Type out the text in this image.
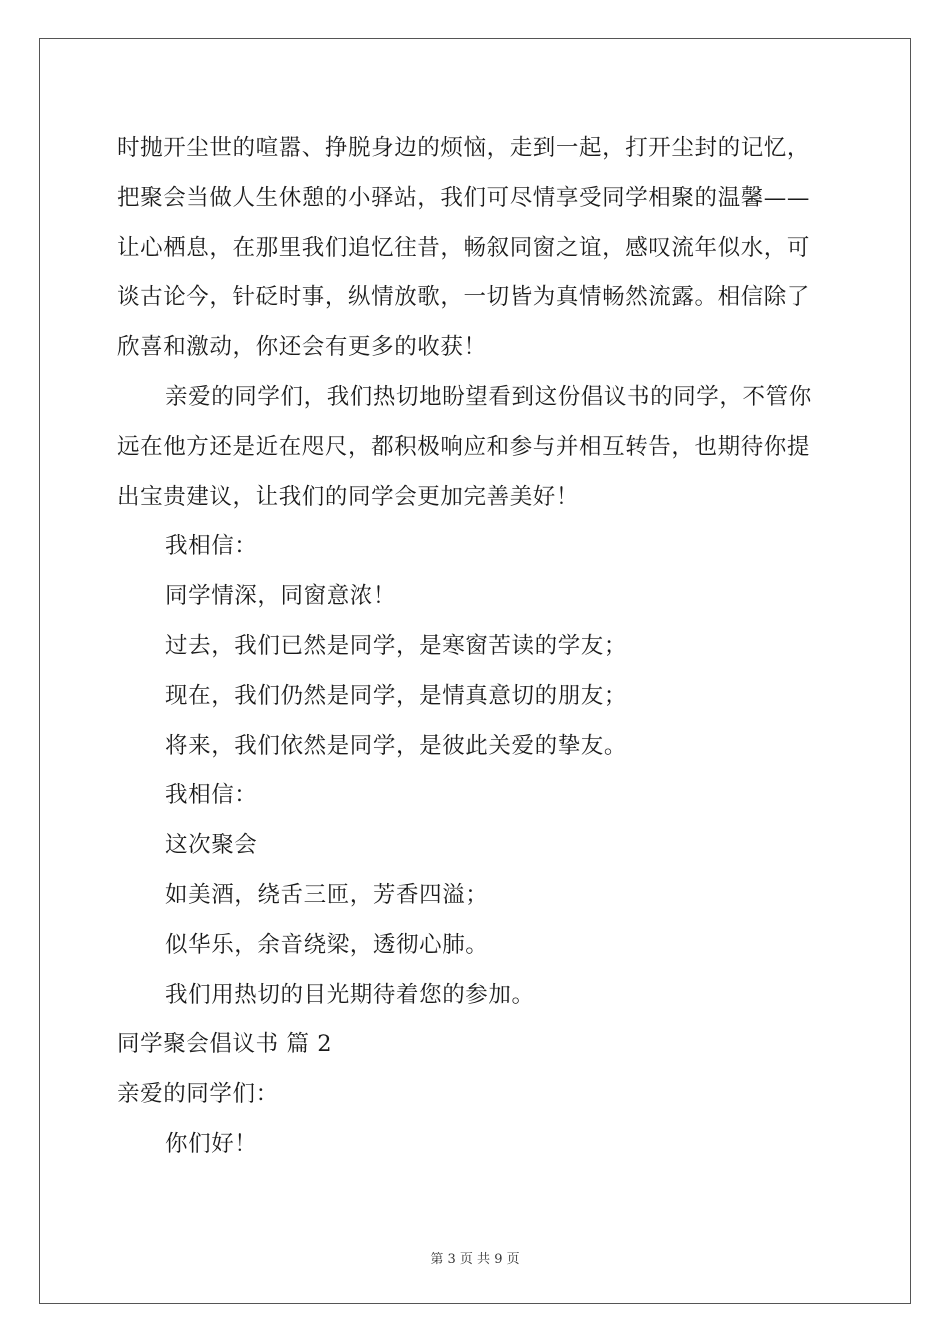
时抛开尘世的喧嚣、挣脱身边的烦恼，走到一起，打开尘封的记忆，
把聚会当做人生休憩的小驿站，我们可尽情享受同学相聚的温馨——
让心栖息，在那里我们追忆往昔，畅叙同窗之谊，感叹流年似水，可
谈古论今，针砭时事，纵情放歌，一切皆为真情畅然流露。相信除了
欣喜和激动，你还会有更多的收获！
亲爱的同学们，我们热切地盼望看到这份倡议书的同学，不管你
远在他方还是近在咫尺，都积极响应和参与并相互转告，也期待你提
出宝贵建议，让我们的同学会更加完善美好！
我相信：
同学情深，同窗意浓！
过去，我们已然是同学，是寒窗苦读的学友；
现在，我们仍然是同学，是情真意切的朋友；
将来，我们依然是同学，是彼此关爱的挚友。
我相信：
这次聚会
如美酒，绕舌三匝，芳香四溢；
似华乐，余音绕梁，透彻心肺。
我们用热切的目光期待着您的参加。
同学聚会倡议书 篇 2
亲爱的同学们：
你们好！
第 3 页 共 9 页
